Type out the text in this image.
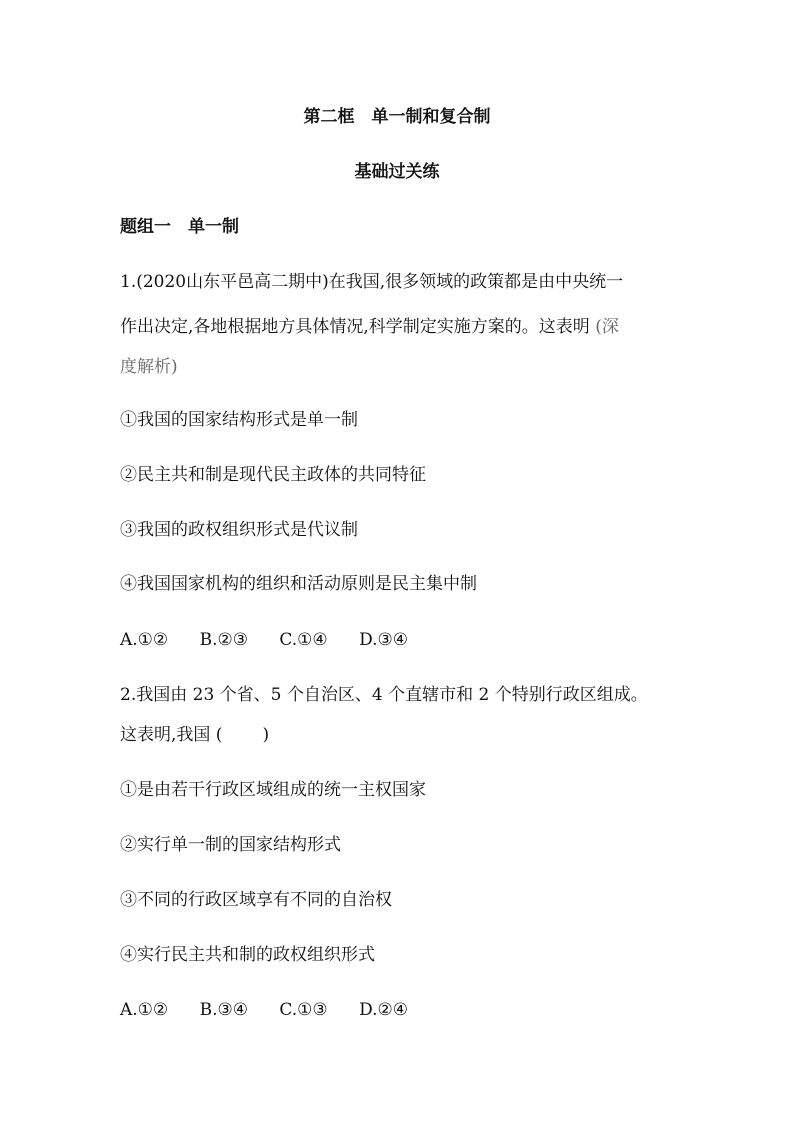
第二框　单一制和复合制
基础过关练
题组一　单一制
1.(2020山东平邑高二期中)在我国,很多领域的政策都是由中央统一
作出决定,各地根据地方具体情况,科学制定实施方案的。这表明 (深
度解析)
①我国的国家结构形式是单一制
②民主共和制是现代民主政体的共同特征
③我国的政权组织形式是代议制
④我国国家机构的组织和活动原则是民主集中制
A.①② B.②③ C.①④ D.③④
2.我国由 23 个省、5 个自治区、4 个直辖市和 2 个特别行政区组成。
这表明,我国 ( )
①是由若干行政区域组成的统一主权国家
②实行单一制的国家结构形式
③不同的行政区域享有不同的自治权
④实行民主共和制的政权组织形式
A.①② B.③④ C.①③ D.②④
